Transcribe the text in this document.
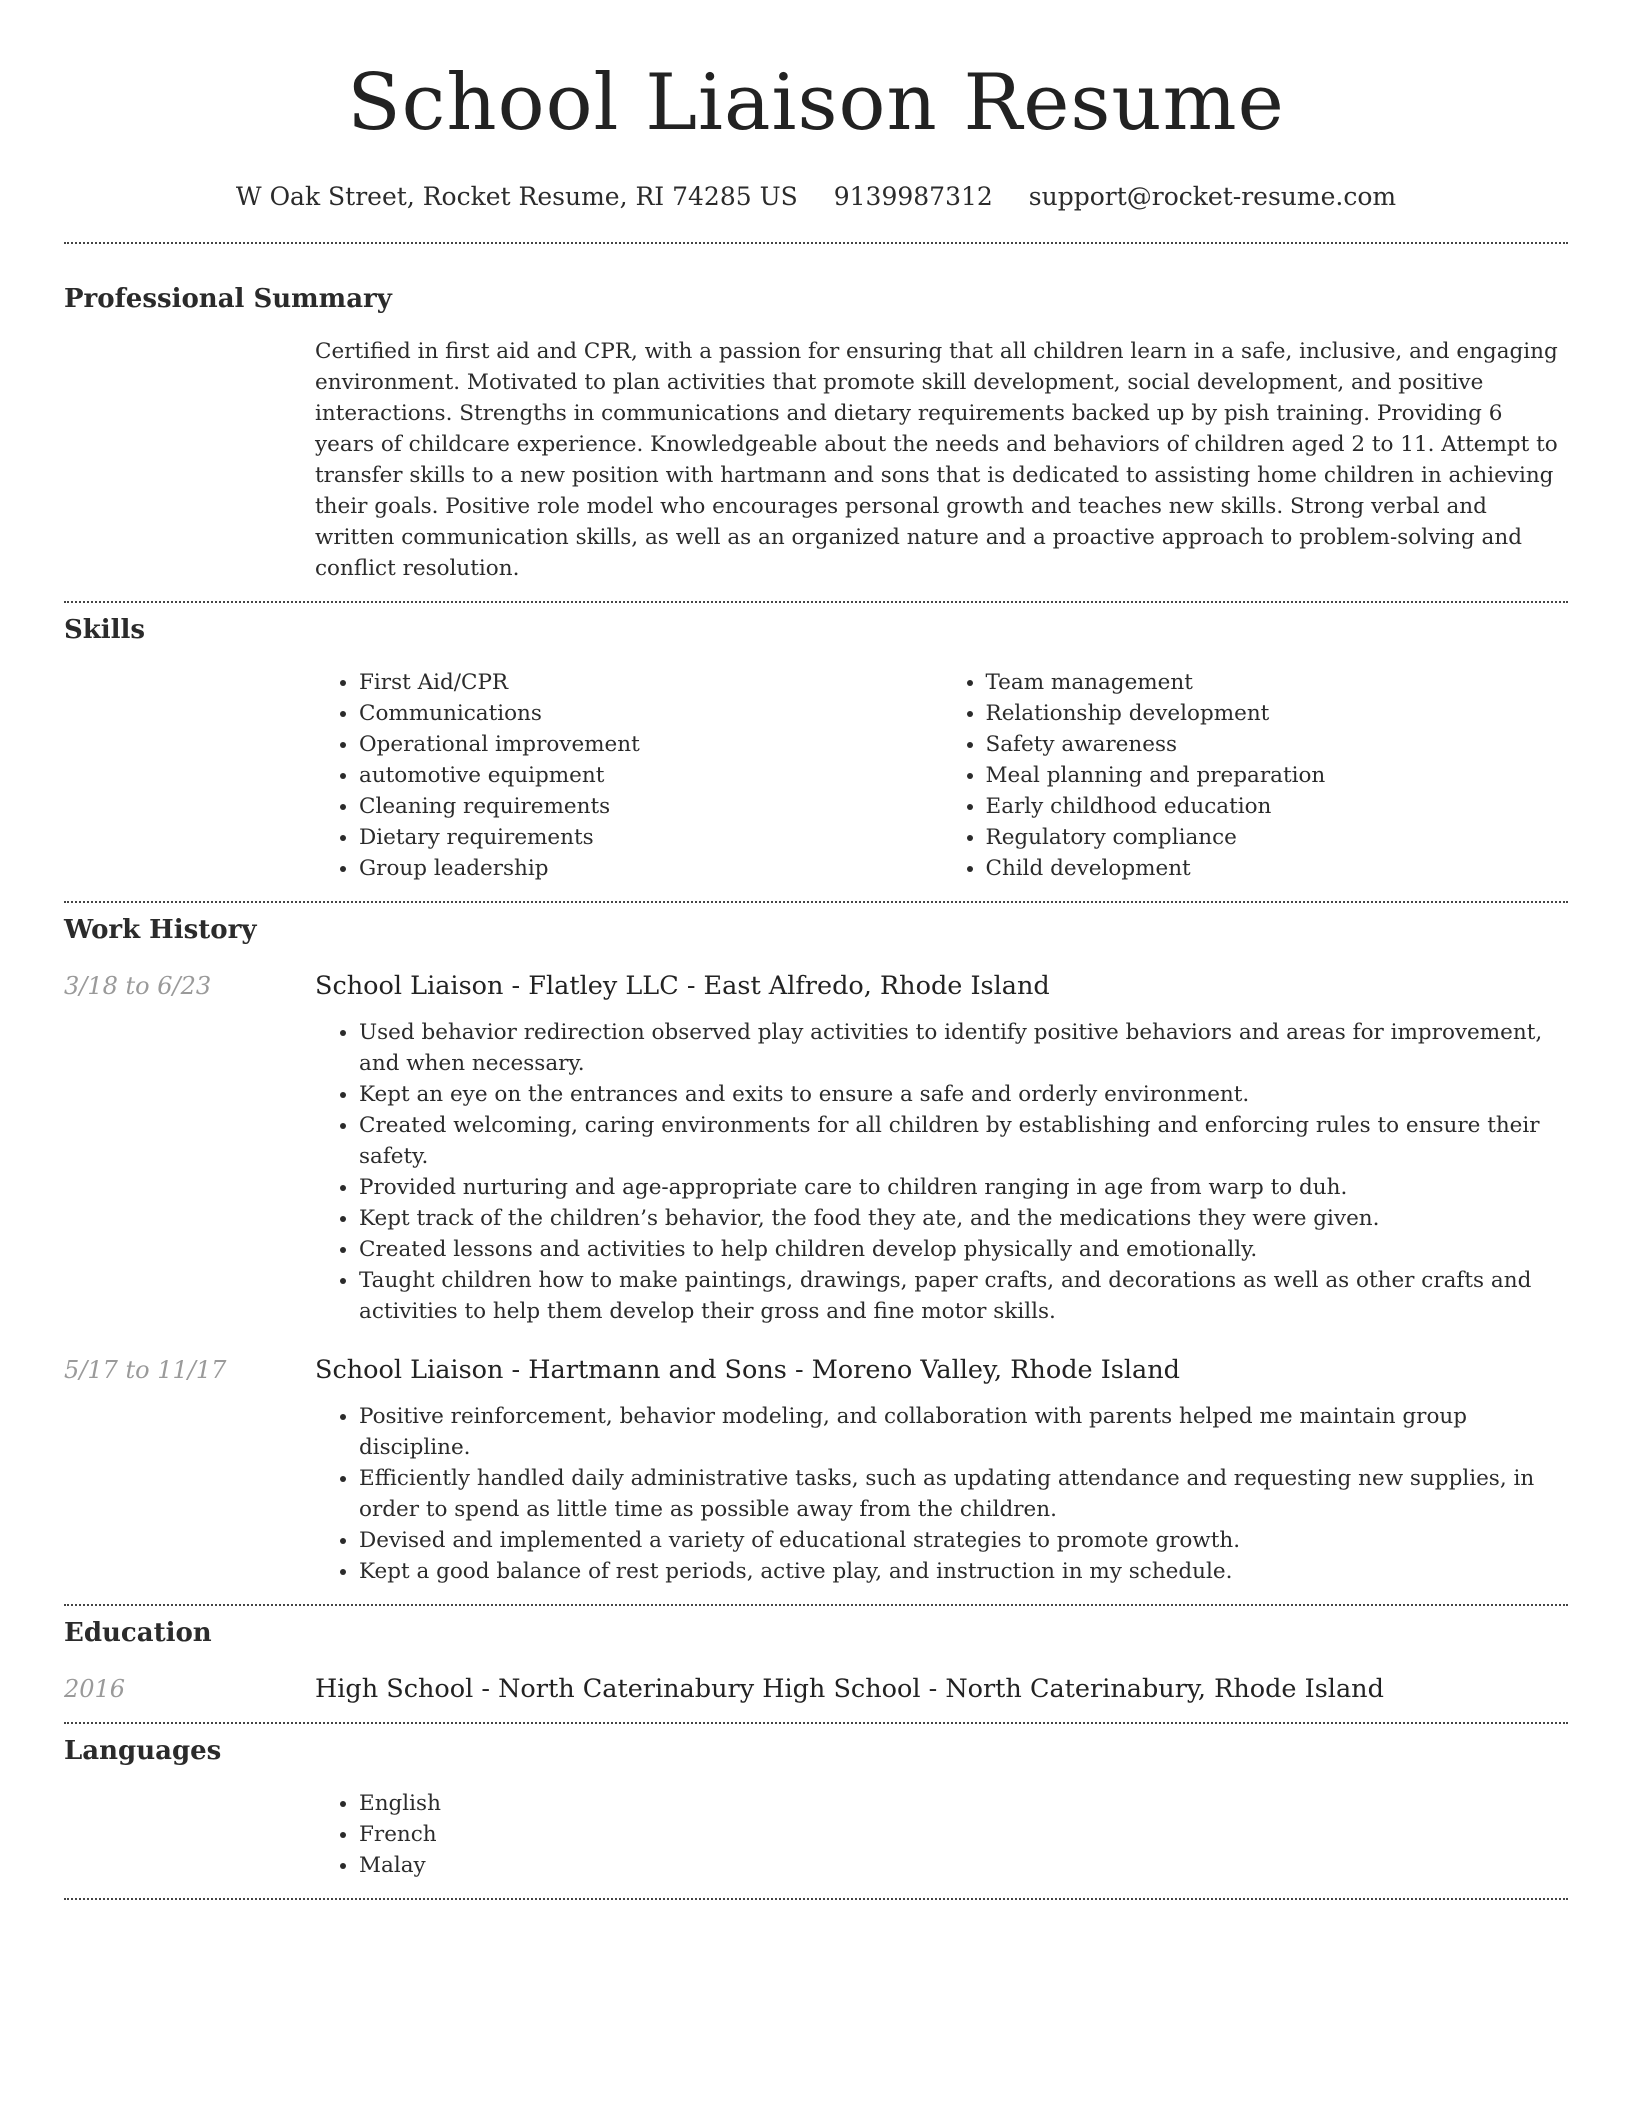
School Liaison Resume
W Oak Street, Rocket Resume, RI 74285 US 9139987312 support@rocket-resume.com
Professional Summary

Certified in first aid and CPR, with a passion for ensuring that all children learn in a safe, inclusive, and engaging environment. Motivated to plan activities that promote skill development, social development, and positive interactions. Strengths in communications and dietary requirements backed up by pish training. Providing 6 years of childcare experience. Knowledgeable about the needs and behaviors of children aged 2 to 11. Attempt to transfer skills to a new position with hartmann and sons that is dedicated to assisting home children in achieving their goals. Positive role model who encourages personal growth and teaches new skills. Strong verbal and written communication skills, as well as an organized nature and a proactive approach to problem-solving and conflict resolution.

Skills
• First Aid/CPR
• Communications
• Operational improvement
• automotive equipment
• Cleaning requirements
• Dietary requirements
• Group leadership
• Team management
• Relationship development
• Safety awareness
• Meal planning and preparation
• Early childhood education
• Regulatory compliance
• Child development
Work History
3/18 to 6/23	School Liaison - Flatley LLC - East Alfredo, Rhode Island
• Used behavior redirection observed play activities to identify positive behaviors and areas for improvement, and when necessary.
• Kept an eye on the entrances and exits to ensure a safe and orderly environment.
• Created welcoming, caring environments for all children by establishing and enforcing rules to ensure their safety.
• Provided nurturing and age-appropriate care to children ranging in age from warp to duh.
• Kept track of the children’s behavior, the food they ate, and the medications they were given.
• Created lessons and activities to help children develop physically and emotionally.
• Taught children how to make paintings, drawings, paper crafts, and decorations as well as other crafts and activities to help them develop their gross and fine motor skills.
5/17 to 11/17	School Liaison - Hartmann and Sons - Moreno Valley, Rhode Island
• Positive reinforcement, behavior modeling, and collaboration with parents helped me maintain group discipline.
• Efficiently handled daily administrative tasks, such as updating attendance and requesting new supplies, in order to spend as little time as possible away from the children.
• Devised and implemented a variety of educational strategies to promote growth.
• Kept a good balance of rest periods, active play, and instruction in my schedule.
Education
2016	High School - North Caterinabury High School - North Caterinabury, Rhode Island
Languages
• English
• French
• Malay
